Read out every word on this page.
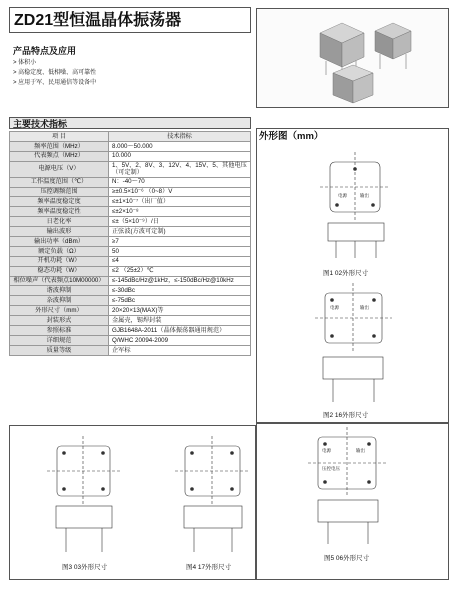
ZD21型恒温晶体振荡器
产品特点及应用
> 体积小
> 高稳定度、低相噪、高可靠性
> 应用于军、民用通信等设备中
主要技术指标
项 目	技术指标
频率范围（MHz）	8.000～50.000
代表频点（MHz）	10.000
电源电压（V）	1、5V、2、8V、3、12V、4、15V、5、其他电压（可定制）
工作温度范围（℃）	N：-40～70
压控调频范围	≥±0.5×10⁻⁶ （0~8）V
频率温度稳定度	≤±1×10⁻⁷（出厂值）
频率温度稳定性	≤±2×10⁻⁸
日老化率	≤±（5×10⁻⁹）/日
输出波形	正弦波(方波可定制)
输出功率（dBm）	≥7
额定负载（Ω）	50
开机功耗（W）	≤4
稳态功耗（W）	≤2 （25±2）℃
相位噪声（代表频点10M00000）	≤-145dBc/Hz@1kHz，≤-150dBc/Hz@10kHz
谐波抑制	≤-30dBc
杂波抑制	≤-75dBc
外形尺寸（mm）	20×20×13(MAX)等
封装形式	金属壳，锡焊封装
参照标准	GJB1648A-2011（晶体振荡器通用规范）
详细规范	Q/WHC 20094-2009
质量等级	企军标
外形图（mm）
电源	输出
电源	输出
电源	输出
压控电压
图1 02外形尺寸
图2 16外形尺寸
图3 03外形尺寸	图4 17外形尺寸
图5 06外形尺寸
